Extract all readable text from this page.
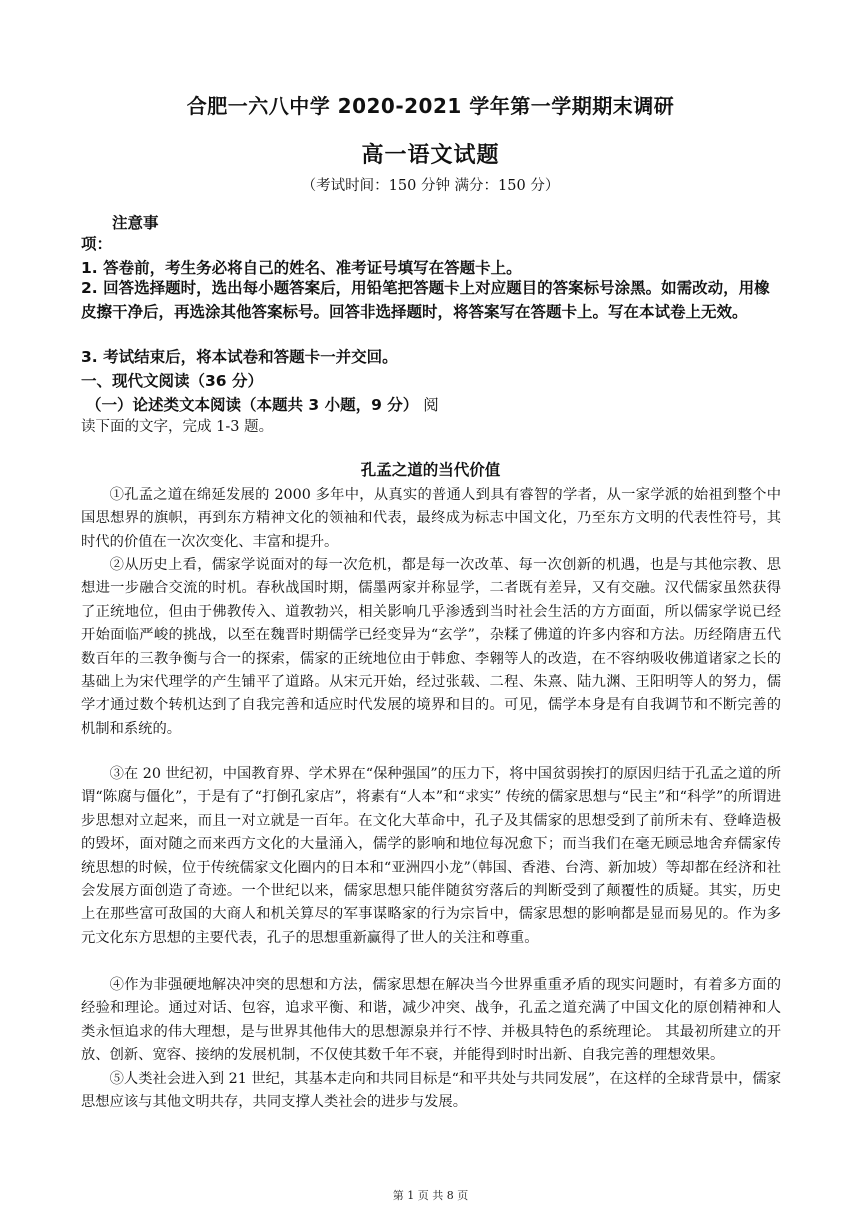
合肥一六八中学 2020-2021 学年第一学期期末调研
高一语文试题
（考试时间：150 分钟 满分：150 分）
注意事
项：
1. 答卷前，考生务必将自己的姓名、准考证号填写在答题卡上。
2. 回答选择题时，选出每小题答案后，用铅笔把答题卡上对应题目的答案标号涂黑。如需改动，用橡皮擦干净后，再选涂其他答案标号。回答非选择题时，将答案写在答题卡上。写在本试卷上无效。
3. 考试结束后，将本试卷和答题卡一并交回。
一、现代文阅读（36 分）
（一）论述类文本阅读（本题共 3 小题，9 分） 阅
读下面的文字，完成 1-3 题。
孔孟之道的当代价值

①孔孟之道在绵延发展的 2000 多年中，从真实的普通人到具有睿智的学者，从一家学派的始祖到整个中国思想界的旗帜，再到东方精神文化的领袖和代表，最终成为标志中国文化，乃至东方文明的代表性符号，其时代的价值在一次次变化、丰富和提升。

②从历史上看，儒家学说面对的每一次危机，都是每一次改革、每一次创新的机遇，也是与其他宗教、思想进一步融合交流的时机。春秋战国时期，儒墨两家并称显学，二者既有差异，又有交融。汉代儒家虽然获得了正统地位，但由于佛教传入、道教勃兴，相关影响几乎渗透到当时社会生活的方方面面，所以儒家学说已经开始面临严峻的挑战，以至在魏晋时期儒学已经变异为“玄学”，杂糅了佛道的许多内容和方法。历经隋唐五代数百年的三教争衡与合一的探索，儒家的正统地位由于韩愈、李翱等人的改造，在不容纳吸收佛道诸家之长的基础上为宋代理学的产生铺平了道路。从宋元开始，经过张载、二程、朱熹、陆九渊、王阳明等人的努力，儒学才通过数个转机达到了自我完善和适应时代发展的境界和目的。可见，儒学本身是有自我调节和不断完善的机制和系统的。

③在 20 世纪初，中国教育界、学术界在“保种强国”的压力下，将中国贫弱挨打的原因归结于孔孟之道的所谓“陈腐与僵化”，于是有了“打倒孔家店”，将素有“人本”和“求实” 传统的儒家思想与“民主”和“科学”的所谓进步思想对立起来，而且一对立就是一百年。在文化大革命中，孔子及其儒家的思想受到了前所未有、登峰造极的毁坏，面对随之而来西方文化的大量涌入，儒学的影响和地位每况愈下；而当我们在毫无顾忌地舍弃儒家传统思想的时候，位于传统儒家文化圈内的日本和“亚洲四小龙”（韩国、香港、台湾、新加坡）等却都在经济和社会发展方面创造了奇迹。一个世纪以来，儒家思想只能伴随贫穷落后的判断受到了颠覆性的质疑。其实，历史上在那些富可敌国的大商人和机关算尽的军事谋略家的行为宗旨中，儒家思想的影响都是显而易见的。作为多元文化东方思想的主要代表，孔子的思想重新赢得了世人的关注和尊重。

④作为非强硬地解决冲突的思想和方法，儒家思想在解决当今世界重重矛盾的现实问题时，有着多方面的经验和理论。通过对话、包容，追求平衡、和谐，减少冲突、战争，孔孟之道充满了中国文化的原创精神和人类永恒追求的伟大理想，是与世界其他伟大的思想源泉并行不悖、并极具特色的系统理论。 其最初所建立的开放、创新、宽容、接纳的发展机制，不仅使其数千年不衰，并能得到时时出新、自我完善的理想效果。

⑤人类社会进入到 21 世纪，其基本走向和共同目标是“和平共处与共同发展”，在这样的全球背景中，儒家思想应该与其他文明共存，共同支撑人类社会的进步与发展。

第 1 页 共 8 页
